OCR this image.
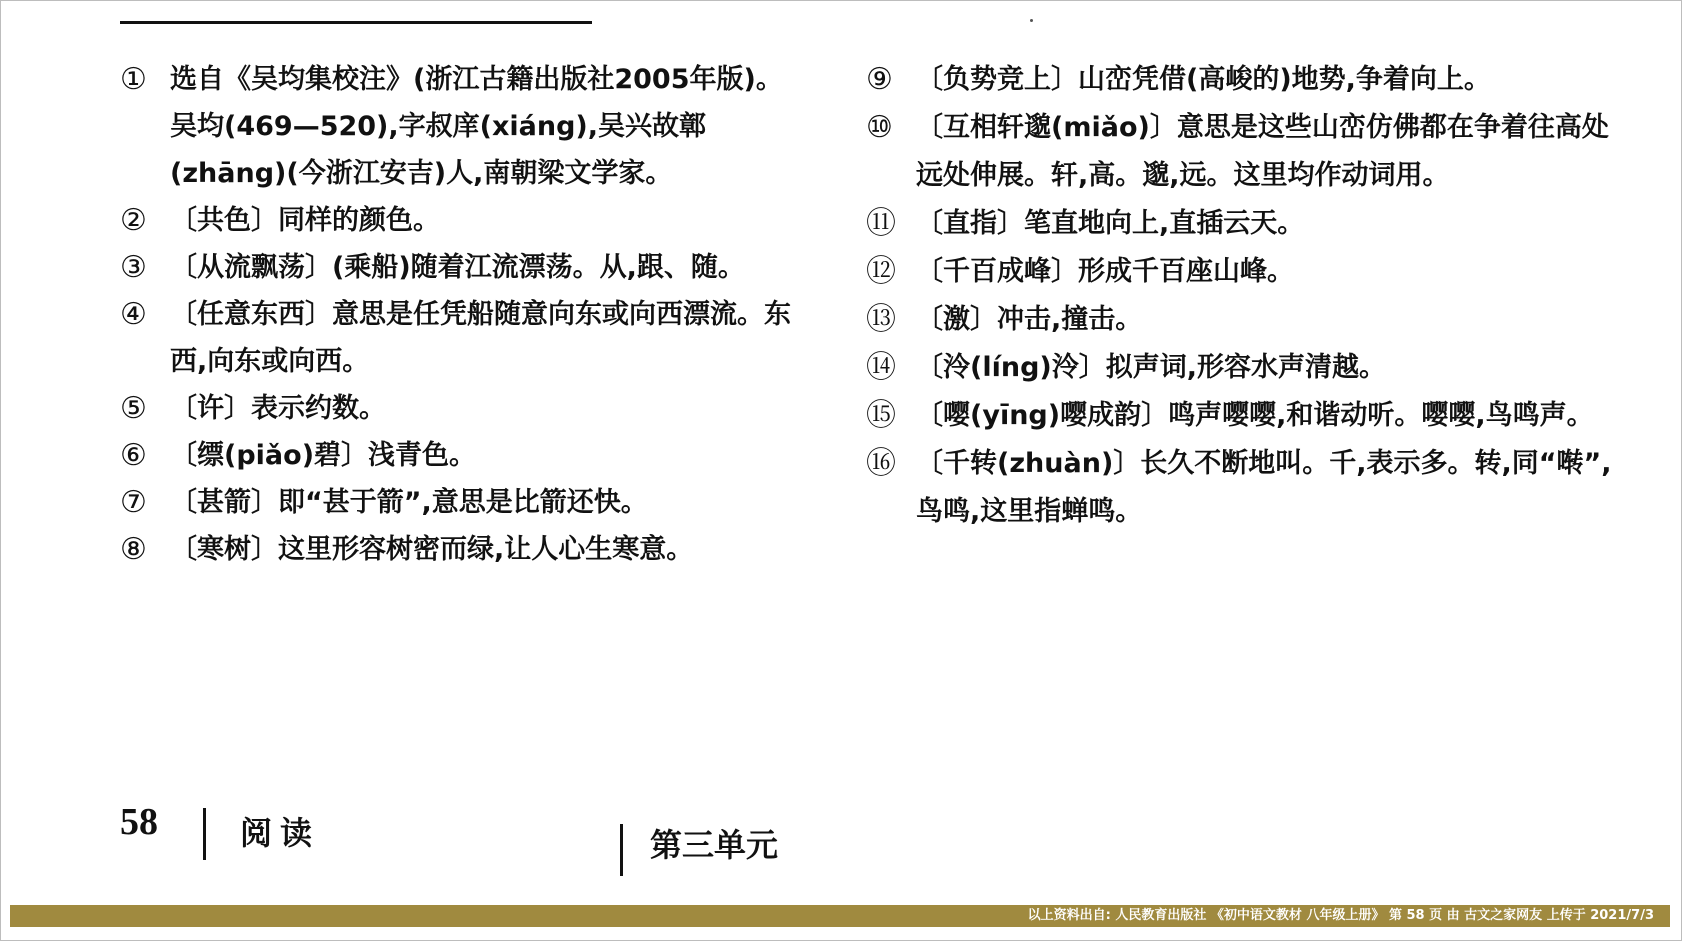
① 选自《吴均集校注》(浙江古籍出版社2005年版)。吴均(469—520),字叔庠(xiáng),吴兴故鄣(zhāng)(今浙江安吉)人,南朝梁文学家。
② 〔共色〕同样的颜色。
③ 〔从流飘荡〕(乘船)随着江流漂荡。从,跟、随。
④ 〔任意东西〕意思是任凭船随意向东或向西漂流。东西,向东或向西。
⑤ 〔许〕表示约数。
⑥ 〔缥(piǎo)碧〕浅青色。
⑦ 〔甚箭〕即“甚于箭”,意思是比箭还快。
⑧ 〔寒树〕这里形容树密而绿,让人心生寒意。
⑨ 〔负势竞上〕山峦凭借(高峻的)地势,争着向上。
⑩ 〔互相轩邈(miǎo)〕意思是这些山峦仿佛都在争着往高处远处伸展。轩,高。邈,远。这里均作动词用。
⑪ 〔直指〕笔直地向上,直插云天。
⑫ 〔千百成峰〕形成千百座山峰。
⑬ 〔激〕冲击,撞击。
⑭ 〔泠(líng)泠〕拟声词,形容水声清越。
⑮ 〔嘤(yīng)嘤成韵〕鸣声嘤嘤,和谐动听。嘤嘤,鸟鸣声。
⑯ 〔千转(zhuàn)〕长久不断地叫。千,表示多。转,同“啭”,鸟鸣,这里指蝉鸣。
58	阅读	第三单元
以上资料出自: 人民教育出版社 《初中语文教材 八年级上册》 第 58 页 由 古文之家网友 上传于 2021/7/3
